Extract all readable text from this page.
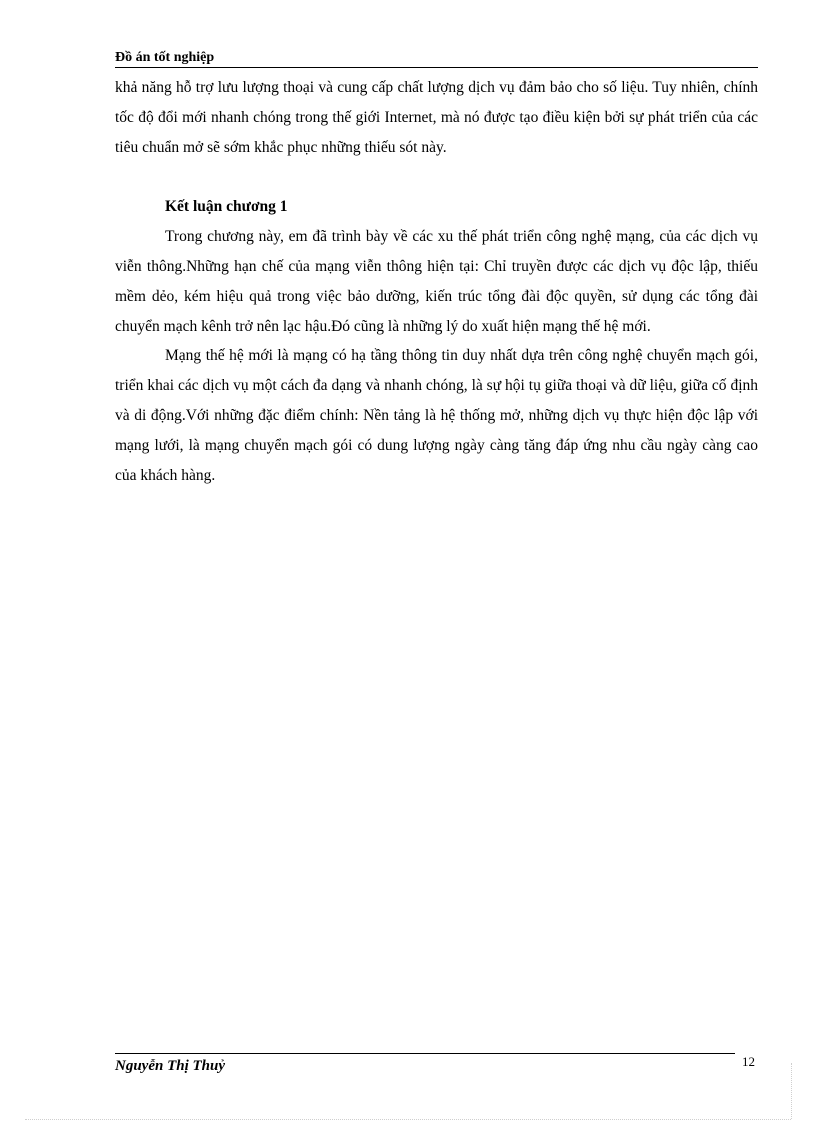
Đồ án tốt nghiệp

khả năng hỗ trợ lưu lượng thoại và cung cấp chất lượng dịch vụ đảm bảo cho số liệu. Tuy nhiên, chính tốc độ đổi mới nhanh chóng trong thế giới Internet, mà nó được tạo điều kiện bởi sự phát triển của các tiêu chuẩn mở sẽ sớm khắc phục những thiếu sót này.

Kết luận chương 1

Trong chương này, em đã trình bày về các xu thế phát triển công nghệ mạng, của các dịch vụ viễn thông.Những hạn chế của mạng viễn thông hiện tại: Chỉ truyền được các dịch vụ độc lập, thiếu mềm dẻo, kém hiệu quả trong việc bảo dưỡng, kiến trúc tổng đài độc quyền, sử dụng các tổng đài chuyển mạch kênh trở nên lạc hậu.Đó cũng là những lý do xuất hiện mạng thế hệ mới.

Mạng thế hệ mới là mạng có hạ tầng thông tin duy nhất dựa trên công nghệ chuyển mạch gói, triển khai các dịch vụ một cách đa dạng và nhanh chóng, là sự hội tụ giữa thoại và dữ liệu, giữa cố định và di động.Với những đặc điểm chính: Nền tảng là hệ thống mở, những dịch vụ thực hiện độc lập với mạng lưới, là mạng chuyển mạch gói có dung lượng ngày càng tăng đáp ứng nhu cầu ngày càng cao của khách hàng.

Nguyễn Thị Thuỷ	12
